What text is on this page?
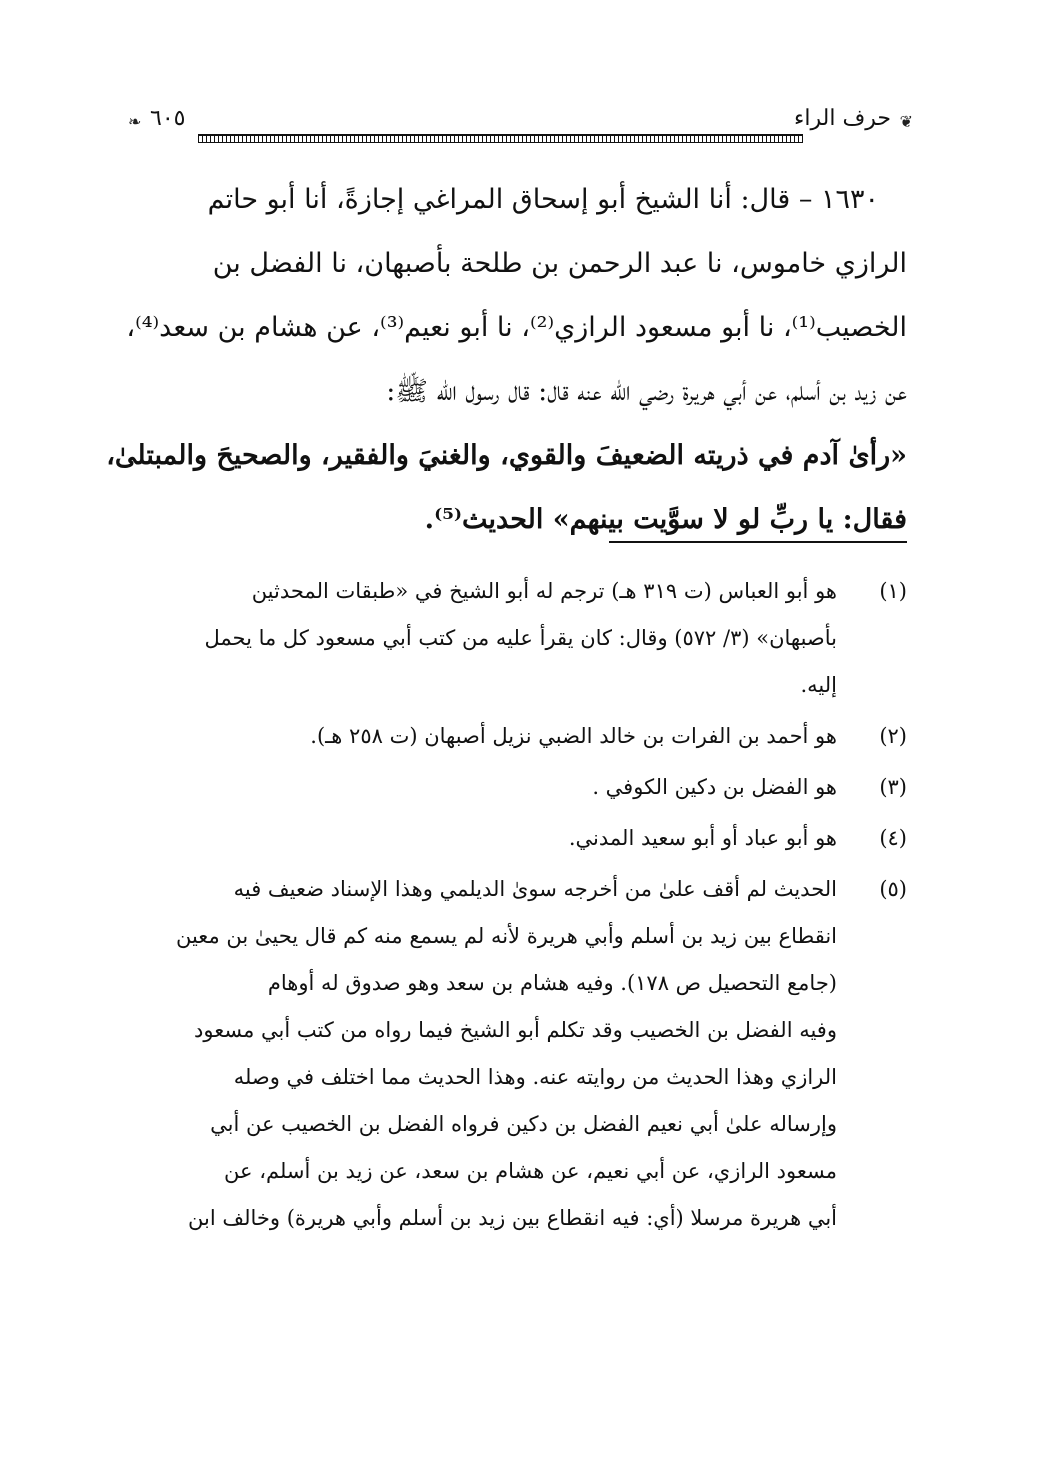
❦
حرف الراء
٦٠٥
❧
١٦٣٠ – قال: أنا الشيخ أبو إسحاق المراغي إجازةً، أنا أبو حاتم
الرازي خاموس، نا عبد الرحمن بن طلحة بأصبهان، نا الفضل بن
الخصيب⁽¹⁾، نا أبو مسعود الرازي⁽²⁾، نا أبو نعيم⁽³⁾، عن هشام بن سعد⁽⁴⁾،
عن زيد بن أسلم، عن أبي هريرة رضي الله عنه قال: قال رسول الله ﷺ:
«رأىٰ آدم في ذريته الضعيفَ والقوي، والغنيَ والفقير، والصحيحَ والمبتلىٰ،
فقال: يا ربِّ لو لا سوَّيت بينهم» الحديث⁽⁵⁾.
(١)
هو أبو العباس (ت ٣١٩ هـ) ترجم له أبو الشيخ في «طبقات المحدثين
بأصبهان» (٣/ ٥٧٢) وقال: كان يقرأ عليه من كتب أبي مسعود كل ما يحمل
إليه.
(٢)
هو أحمد بن الفرات بن خالد الضبي نزيل أصبهان (ت ٢٥٨ هـ).
(٣)
هو الفضل بن دكين الكوفي .
(٤)
هو أبو عباد أو أبو سعيد المدني.
(٥)
الحديث لم أقف علىٰ من أخرجه سوىٰ الديلمي وهذا الإسناد ضعيف فيه
انقطاع بين زيد بن أسلم وأبي هريرة لأنه لم يسمع منه كم قال يحيىٰ بن معين
(جامع التحصيل ص ١٧٨). وفيه هشام بن سعد وهو صدوق له أوهام
وفيه الفضل بن الخصيب وقد تكلم أبو الشيخ فيما رواه من كتب أبي مسعود
الرازي وهذا الحديث من روايته عنه. وهذا الحديث مما اختلف في وصله
وإرساله علىٰ أبي نعيم الفضل بن دكين فرواه الفضل بن الخصيب عن أبي
مسعود الرازي، عن أبي نعيم، عن هشام بن سعد، عن زيد بن أسلم، عن
أبي هريرة مرسلا (أي: فيه انقطاع بين زيد بن أسلم وأبي هريرة) وخالف ابن
